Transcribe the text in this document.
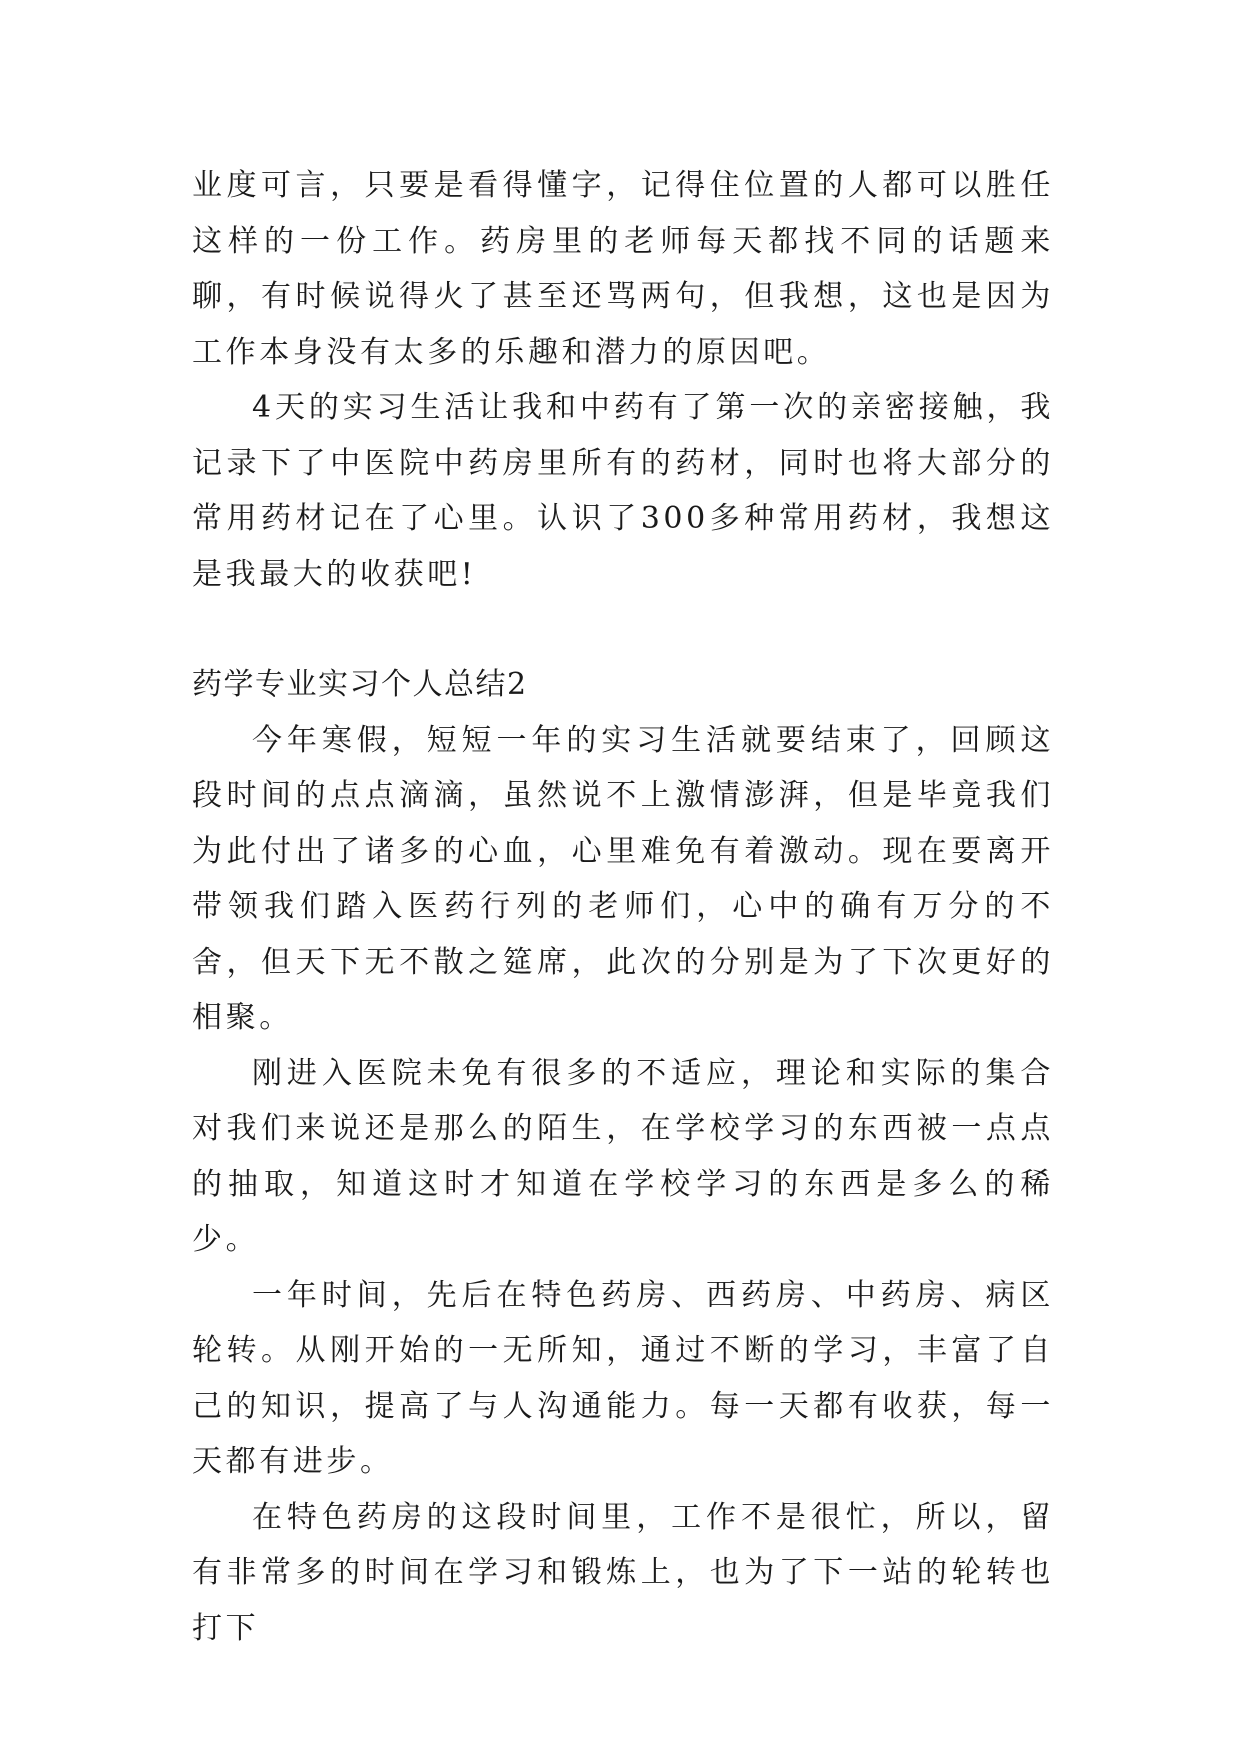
业度可言，只要是看得懂字，记得住位置的人都可以胜任这样的一份工作。药房里的老师每天都找不同的话题来聊，有时候说得火了甚至还骂两句，但我想，这也是因为工作本身没有太多的乐趣和潜力的原因吧。

4天的实习生活让我和中药有了第一次的亲密接触，我记录下了中医院中药房里所有的药材，同时也将大部分的常用药材记在了心里。认识了300多种常用药材，我想这是我最大的收获吧!

药学专业实习个人总结2

今年寒假，短短一年的实习生活就要结束了，回顾这段时间的点点滴滴，虽然说不上激情澎湃，但是毕竟我们为此付出了诸多的心血，心里难免有着激动。现在要离开带领我们踏入医药行列的老师们，心中的确有万分的不舍，但天下无不散之筵席，此次的分别是为了下次更好的相聚。

刚进入医院未免有很多的不适应，理论和实际的集合对我们来说还是那么的陌生，在学校学习的东西被一点点的抽取，知道这时才知道在学校学习的东西是多么的稀少。

一年时间，先后在特色药房、西药房、中药房、病区轮转。从刚开始的一无所知，通过不断的学习，丰富了自己的知识，提高了与人沟通能力。每一天都有收获，每一天都有进步。

在特色药房的这段时间里，工作不是很忙，所以，留有非常多的时间在学习和锻炼上，也为了下一站的轮转也打下
